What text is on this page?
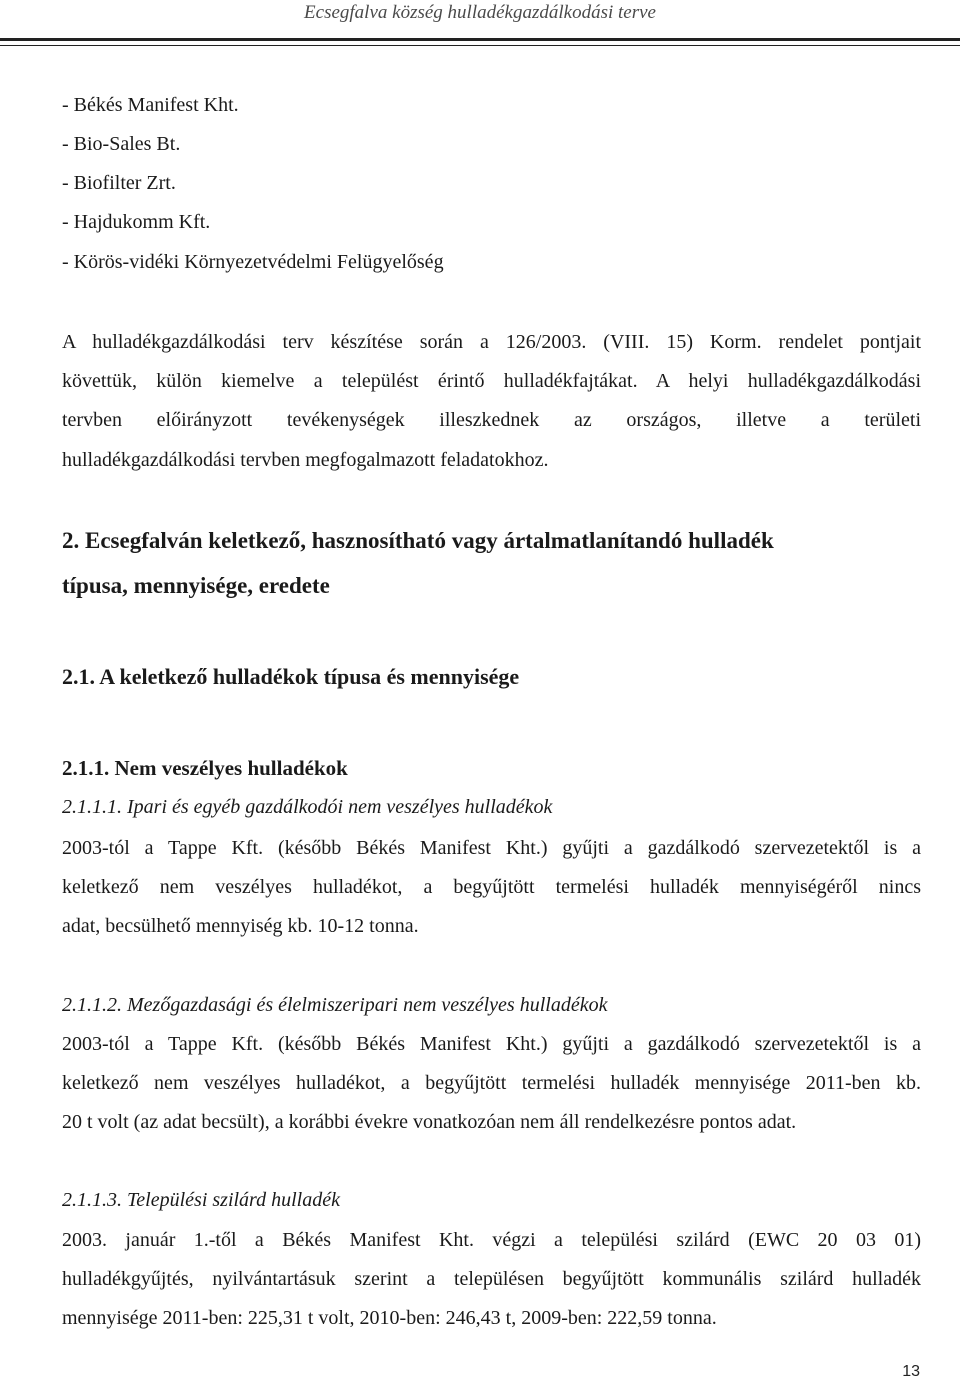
Ecsegfalva község hulladékgazdálkodási terve
- Békés Manifest Kht.
- Bio-Sales Bt.
- Biofilter Zrt.
- Hajdukomm Kft.
- Körös-vidéki Környezetvédelmi Felügyelőség
A hulladékgazdálkodási terv készítése során a 126/2003. (VIII. 15) Korm. rendelet pontjait
követtük, külön kiemelve a települést érintő hulladékfajtákat. A helyi hulladékgazdálkodási
tervben előirányzott tevékenységek illeszkednek az országos, illetve a területi
hulladékgazdálkodási tervben megfogalmazott feladatokhoz.
2. Ecsegfalván keletkező, hasznosítható vagy ártalmatlanítandó hulladék
típusa, mennyisége, eredete
2.1. A keletkező hulladékok típusa és mennyisége
2.1.1. Nem veszélyes hulladékok
2.1.1.1. Ipari és egyéb gazdálkodói nem veszélyes hulladékok
2003-tól a Tappe Kft. (később Békés Manifest Kht.) gyűjti a gazdálkodó szervezetektől is a
keletkező nem veszélyes hulladékot, a begyűjtött termelési hulladék mennyiségéről nincs
adat, becsülhető mennyiség kb. 10-12 tonna.
2.1.1.2. Mezőgazdasági és élelmiszeripari nem veszélyes hulladékok
2003-tól a Tappe Kft. (később Békés Manifest Kht.) gyűjti a gazdálkodó szervezetektől is a
keletkező nem veszélyes hulladékot, a begyűjtött termelési hulladék mennyisége 2011-ben kb.
20 t volt (az adat becsült), a korábbi évekre vonatkozóan nem áll rendelkezésre pontos adat.
2.1.1.3. Települési szilárd hulladék
2003. január 1.-től a Békés Manifest Kht. végzi a települési szilárd (EWC 20 03 01)
hulladékgyűjtés, nyilvántartásuk szerint a településen begyűjtött kommunális szilárd hulladék
mennyisége 2011-ben: 225,31 t volt, 2010-ben: 246,43 t, 2009-ben: 222,59 tonna.
13
